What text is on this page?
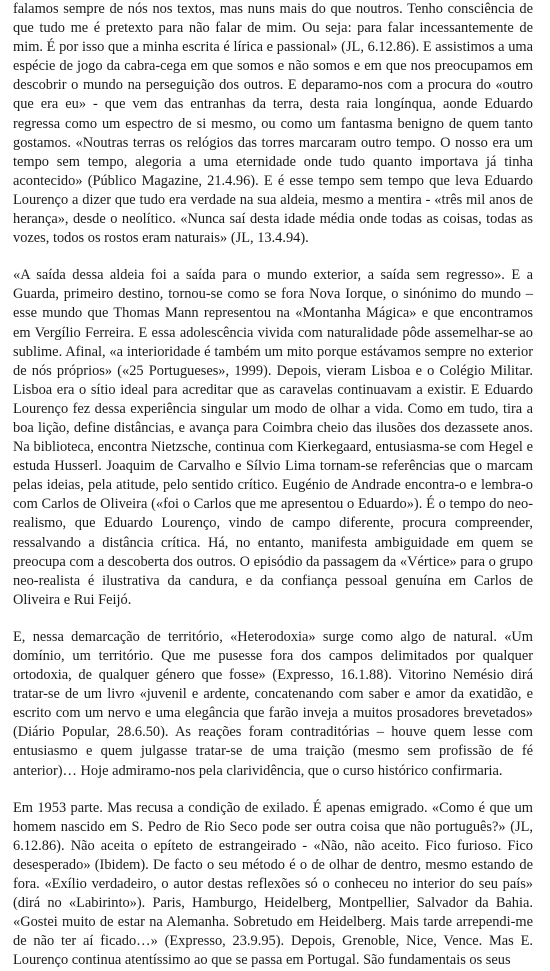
falamos sempre de nós nos textos, mas nuns mais do que noutros. Tenho consciência de que tudo me é pretexto para não falar de mim. Ou seja: para falar incessantemente de mim. É por isso que a minha escrita é lírica e passional» (JL, 6.12.86). E assistimos a uma espécie de jogo da cabra-cega em que somos e não somos e em que nos preocupamos em descobrir o mundo na perseguição dos outros. E deparamo-nos com a procura do «outro que era eu» - que vem das entranhas da terra, desta raia longínqua, aonde Eduardo regressa como um espectro de si mesmo, ou como um fantasma benigno de quem tanto gostamos. «Noutras terras os relógios das torres marcaram outro tempo. O nosso era um tempo sem tempo, alegoria a uma eternidade onde tudo quanto importava já tinha acontecido» (Público Magazine, 21.4.96). E é esse tempo sem tempo que leva Eduardo Lourenço a dizer que tudo era verdade na sua aldeia, mesmo a mentira - «três mil anos de herança», desde o neolítico. «Nunca saí desta idade média onde todas as coisas, todas as vozes, todos os rostos eram naturais» (JL, 13.4.94).

«A saída dessa aldeia foi a saída para o mundo exterior, a saída sem regresso». E a Guarda, primeiro destino, tornou-se como se fora Nova Iorque, o sinónimo do mundo – esse mundo que Thomas Mann representou na «Montanha Mágica» e que encontramos em Vergílio Ferreira. E essa adolescência vivida com naturalidade pôde assemelhar-se ao sublime. Afinal, «a interioridade é também um mito porque estávamos sempre no exterior de nós próprios» («25 Portugueses», 1999). Depois, vieram Lisboa e o Colégio Militar. Lisboa era o sítio ideal para acreditar que as caravelas continuavam a existir. E Eduardo Lourenço fez dessa experiência singular um modo de olhar a vida. Como em tudo, tira a boa lição, define distâncias, e avança para Coimbra cheio das ilusões dos dezassete anos. Na biblioteca, encontra Nietzsche, continua com Kierkegaard, entusiasma-se com Hegel e estuda Husserl. Joaquim de Carvalho e Sílvio Lima tornam-se referências que o marcam pelas ideias, pela atitude, pelo sentido crítico. Eugénio de Andrade encontra-o e lembra-o com Carlos de Oliveira («foi o Carlos que me apresentou o Eduardo»). É o tempo do neo-realismo, que Eduardo Lourenço, vindo de campo diferente, procura compreender, ressalvando a distância crítica. Há, no entanto, manifesta ambiguidade em quem se preocupa com a descoberta dos outros. O episódio da passagem da «Vértice» para o grupo neo-realista é ilustrativa da candura, e da confiança pessoal genuína em Carlos de Oliveira e Rui Feijó.

E, nessa demarcação de território, «Heterodoxia» surge como algo de natural. «Um domínio, um território. Que me pusesse fora dos campos delimitados por qualquer ortodoxia, de qualquer género que fosse» (Expresso, 16.1.88). Vitorino Nemésio dirá tratar-se de um livro «juvenil e ardente, concatenando com saber e amor da exatidão, e escrito com um nervo e uma elegância que farão inveja a muitos prosadores brevetados» (Diário Popular, 28.6.50). As reações foram contraditórias – houve quem lesse com entusiasmo e quem julgasse tratar-se de uma traição (mesmo sem profissão de fé anterior)… Hoje admiramo-nos pela clarividência, que o curso histórico confirmaria.

Em 1953 parte. Mas recusa a condição de exilado. É apenas emigrado. «Como é que um homem nascido em S. Pedro de Rio Seco pode ser outra coisa que não português?» (JL, 6.12.86). Não aceita o epíteto de estrangeirado - «Não, não aceito. Fico furioso. Fico desesperado» (Ibidem). De facto o seu método é o de olhar de dentro, mesmo estando de fora. «Exílio verdadeiro, o autor destas reflexões só o conheceu no interior do seu país» (dirá no «Labirinto»). Paris, Hamburgo, Heidelberg, Montpellier, Salvador da Bahia. «Gostei muito de estar na Alemanha. Sobretudo em Heidelberg. Mais tarde arrependi-me de não ter aí ficado…» (Expresso, 23.9.95). Depois, Grenoble, Nice, Vence. Mas E. Lourenço continua atentíssimo ao que se passa em Portugal. São fundamentais os seus
